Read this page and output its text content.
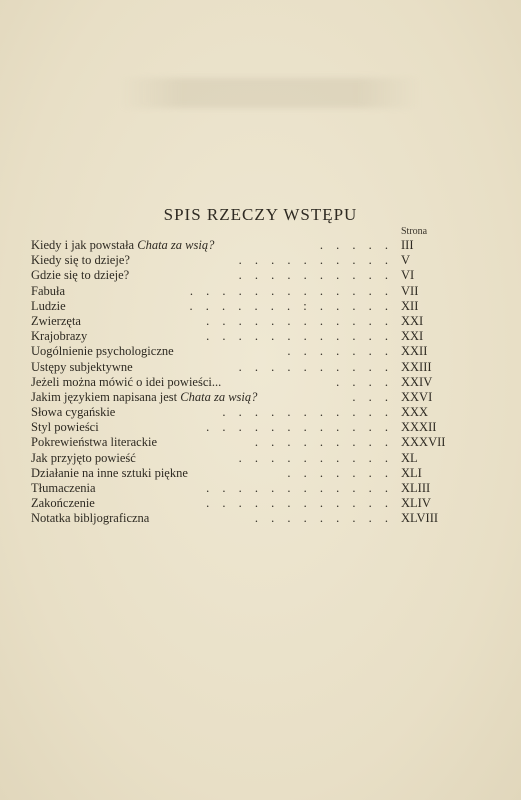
SPIS RZECZY WSTĘPU
Strona
Kiedy i jak powstała Chata za wsią?	. . . . . III
Kiedy się to dzieje?	. . . . . . . . . . V
Gdzie się to dzieje?	. . . . . . . . . . VI
Fabuła	. . . . . . . . . . . . . VII
Ludzie	. . . . . . . : . . . . . XII
Zwierzęta	. . . . . . . . . . . . XXI
Krajobrazy	. . . . . . . . . . . . XXI
Uogólnienie psychologiczne	. . . . . . . XXII
Ustępy subjektywne	. . . . . . . . . . XXIII
Jeżeli można mówić o idei powieści...	. . . . XXIV
Jakim językiem napisana jest Chata za wsią?	. . . XXVI
Słowa cygańskie	. . . . . . . . . . . XXX
Styl powieści	. . . . . . . . . . . . XXXII
Pokrewieństwa literackie	. . . . . . . . . XXXVII
Jak przyjęto powieść	. . . . . . . . . . XL
Działanie na inne sztuki piękne	. . . . . . . XLI
Tłumaczenia	. . . . . . . . . . . . XLIII
Zakończenie	. . . . . . . . . . . . XLIV
Notatka bibljograficzna	. . . . . . . . . XLVIII
